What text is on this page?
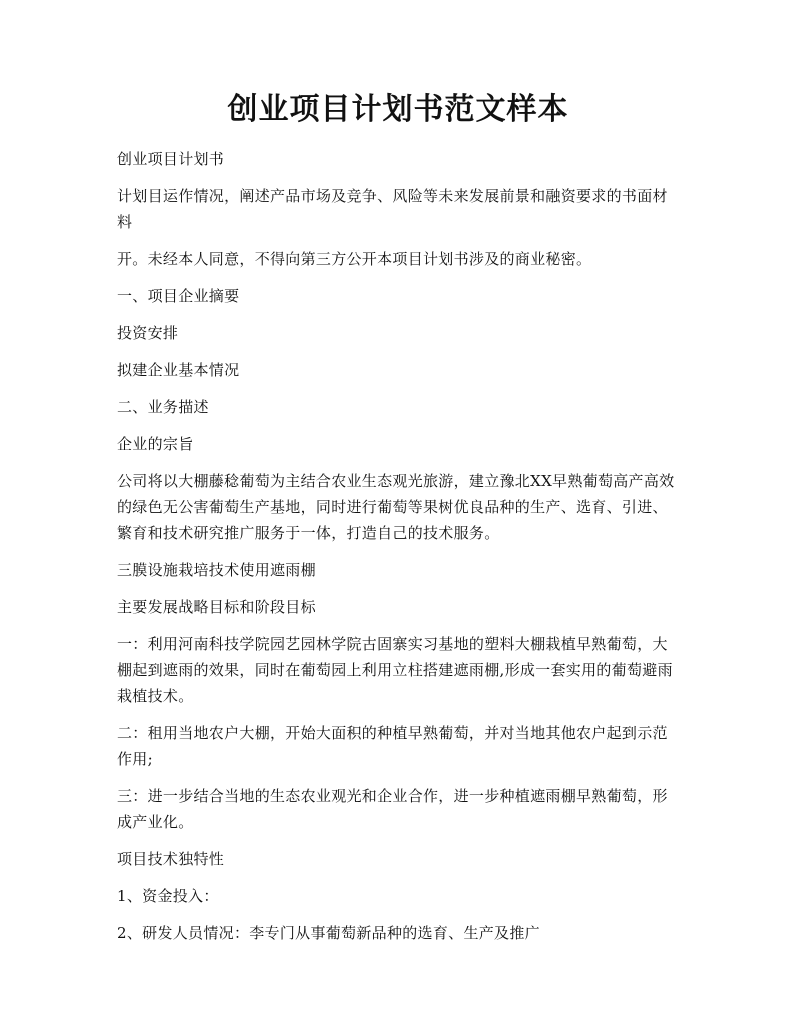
创业项目计划书范文样本

创业项目计划书

计划目运作情况，阐述产品市场及竞争、风险等未来发展前景和融资要求的书面材料

开。未经本人同意，不得向第三方公开本项目计划书涉及的商业秘密。

一、项目企业摘要

投资安排

拟建企业基本情况

二、业务描述

企业的宗旨

公司将以大棚藤稔葡萄为主结合农业生态观光旅游，建立豫北XX早熟葡萄高产高效的绿色无公害葡萄生产基地，同时进行葡萄等果树优良品种的生产、选育、引进、繁育和技术研究推广服务于一体，打造自己的技术服务。

三膜设施栽培技术使用遮雨棚

主要发展战略目标和阶段目标

一：利用河南科技学院园艺园林学院古固寨实习基地的塑料大棚栽植早熟葡萄，大棚起到遮雨的效果，同时在葡萄园上利用立柱搭建遮雨棚,形成一套实用的葡萄避雨栽植技术。

二：租用当地农户大棚，开始大面积的种植早熟葡萄，并对当地其他农户起到示范作用;

三：进一步结合当地的生态农业观光和企业合作，进一步种植遮雨棚早熟葡萄，形成产业化。

项目技术独特性

1、资金投入：

2、研发人员情况：李专门从事葡萄新品种的选育、生产及推广
